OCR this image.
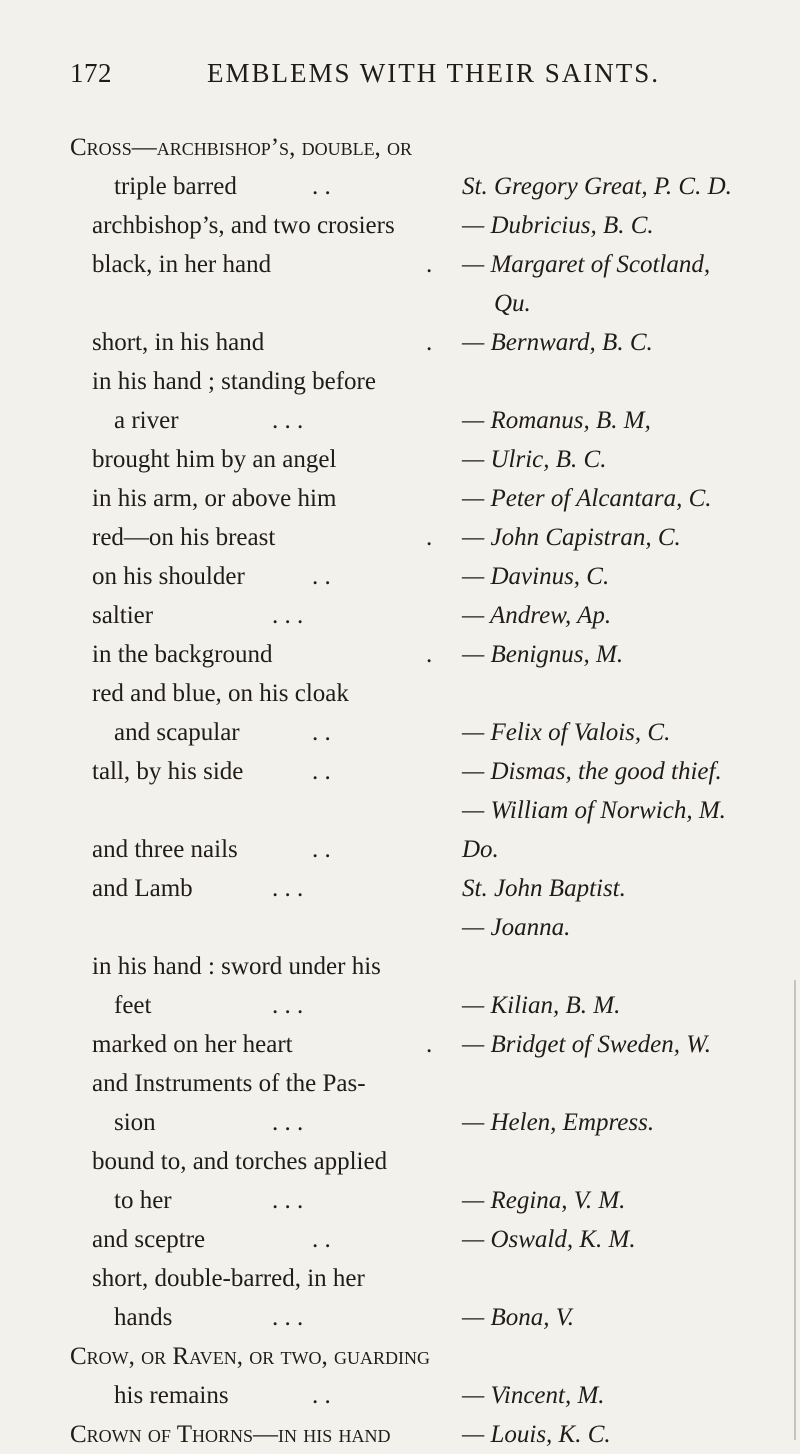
172	EMBLEMS WITH THEIR SAINTS.
Cross—archbishop’s, double, or
triple barred	. .	St. Gregory Great, P. C. D.
archbishop’s, and two crosiers	— Dubricius, B. C.
black, in her hand	. — Margaret of Scotland,
Qu.
short, in his hand	. — Bernward, B. C.
in his hand ; standing before
a river	. . .	— Romanus, B. M,
brought him by an angel	— Ulric, B. C.
in his arm, or above him	— Peter of Alcantara, C.
red—on his breast	. — John Capistran, C.
on his shoulder	. .	— Davinus, C.
saltier	. . .	— Andrew, Ap.
in the background	. — Benignus, M.
red and blue, on his cloak
and scapular	. .	— Felix of Valois, C.
tall, by his side	. .	— Dismas, the good thief.
— William of Norwich, M.
and three nails	. .	Do.
and Lamb	. . .	St. John Baptist.
— Joanna.
in his hand : sword under his
feet	. . .	— Kilian, B. M.
marked on her heart	. — Bridget of Sweden, W.
and Instruments of the Pas-
sion	. . .	— Helen, Empress.
bound to, and torches applied
to her	. . .	— Regina, V. M.
and sceptre	. .	— Oswald, K. M.
short, double-barred, in her
hands	. . .	— Bona, V.
Crow, or Raven, or two, guarding
his remains	. .	— Vincent, M.
Crown of Thorns—in his hand	— Louis, K. C.
